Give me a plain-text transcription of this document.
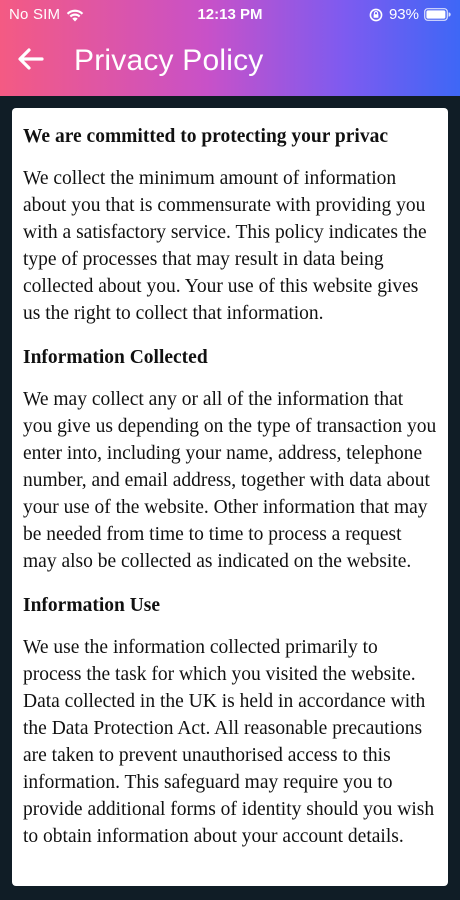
No SIM	12:13 PM	93%
Privacy Policy
We are committed to protecting your privac

We collect the minimum amount of information about you that is commensurate with providing you with a satisfactory service. This policy indicates the type of processes that may result in data being collected about you. Your use of this website gives us the right to collect that information.

Information Collected

We may collect any or all of the information that you give us depending on the type of transaction you enter into, including your name, address, telephone number, and email address, together with data about your use of the website. Other information that may be needed from time to time to process a request may also be collected as indicated on the website.

Information Use

We use the information collected primarily to process the task for which you visited the website. Data collected in the UK is held in accordance with the Data Protection Act. All reasonable precautions are taken to prevent unauthorised access to this information. This safeguard may require you to provide additional forms of identity should you wish to obtain information about your account details.
